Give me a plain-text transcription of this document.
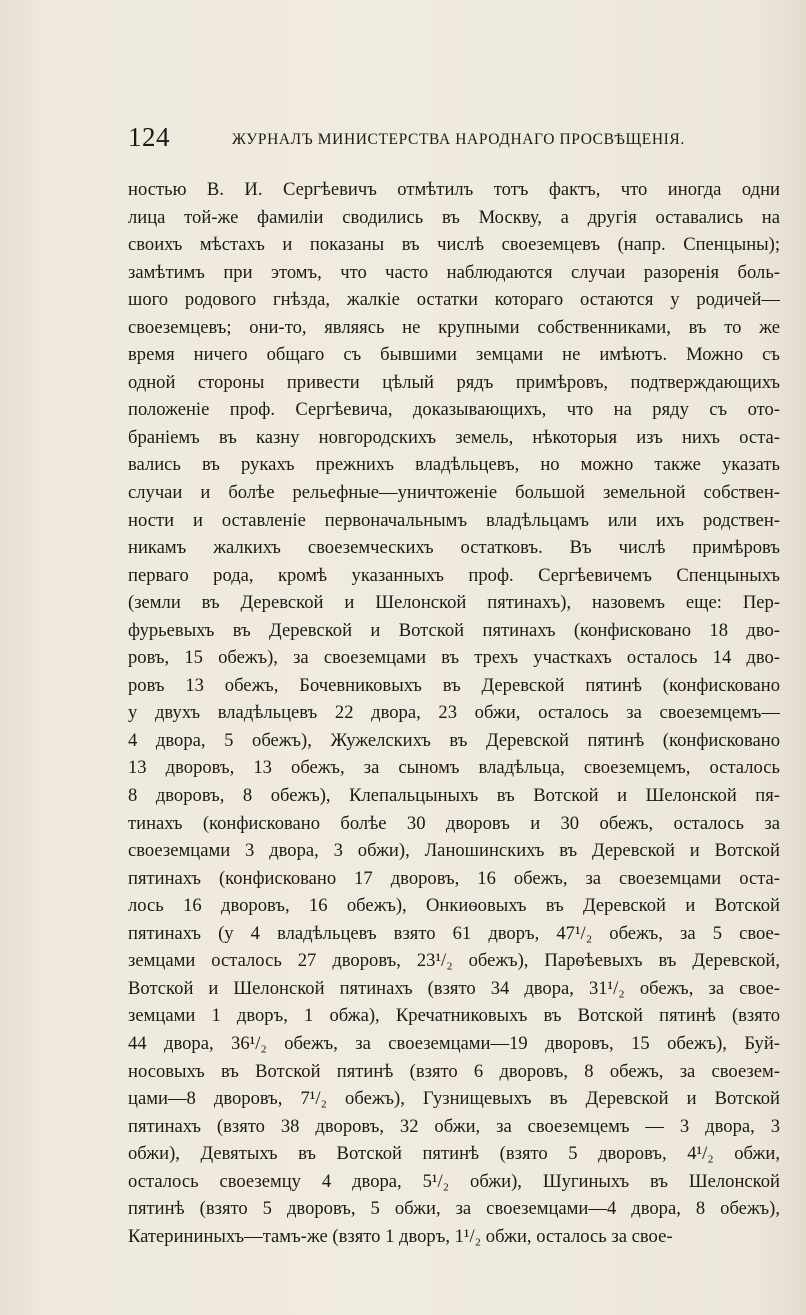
124	ЖУРНАЛЪ МИНИСТЕРСТВА НАРОДНАГО ПРОСВѢЩЕНІЯ.
ностью В. И. Сергѣевичъ отмѣтилъ тотъ фактъ, что иногда одни
лица той-же фамиліи сводились въ Москву, а другія оставались на
своихъ мѣстахъ и показаны въ числѣ своеземцевъ (напр. Спенцыны);
замѣтимъ при этомъ, что часто наблюдаются случаи разоренія боль-
шого родового гнѣзда, жалкіе остатки котораго остаются у родичей—
своеземцевъ; они-то, являясь не крупными собственниками, въ то же
время ничего общаго съ бывшими земцами не имѣютъ. Можно съ
одной стороны привести цѣлый рядъ примѣровъ, подтверждающихъ
положеніе проф. Сергѣевича, доказывающихъ, что на ряду съ ото-
браніемъ въ казну новгородскихъ земель, нѣкоторыя изъ нихъ оста-
вались въ рукахъ прежнихъ владѣльцевъ, но можно также указать
случаи и болѣе рельефные—уничтоженіе большой земельной собствен-
ности и оставленіе первоначальнымъ владѣльцамъ или ихъ родствен-
никамъ жалкихъ своеземческихъ остатковъ. Въ числѣ примѣровъ
перваго рода, кромѣ указанныхъ проф. Сергѣевичемъ Спенцыныхъ
(земли въ Деревской и Шелонской пятинахъ), назовемъ еще: Пер-
фурьевыхъ въ Деревской и Вотской пятинахъ (конфисковано 18 дво-
ровъ, 15 обежъ), за своеземцами въ трехъ участкахъ осталось 14 дво-
ровъ 13 обежъ, Бочевниковыхъ въ Деревской пятинѣ (конфисковано
у двухъ владѣльцевъ 22 двора, 23 обжи, осталось за своеземцемъ—
4 двора, 5 обежъ), Жужелскихъ въ Деревской пятинѣ (конфисковано
13 дворовъ, 13 обежъ, за сыномъ владѣльца, своеземцемъ, осталось
8 дворовъ, 8 обежъ), Клепальцыныхъ въ Вотской и Шелонской пя-
тинахъ (конфисковано болѣе 30 дворовъ и 30 обежъ, осталось за
своеземцами 3 двора, 3 обжи), Ланошинскихъ въ Деревской и Вотской
пятинахъ (конфисковано 17 дворовъ, 16 обежъ, за своеземцами оста-
лось 16 дворовъ, 16 обежъ), Онкиѳовыхъ въ Деревской и Вотской
пятинахъ (у 4 владѣльцевъ взято 61 дворъ, 47¹/₂ обежъ, за 5 свое-
земцами осталось 27 дворовъ, 23¹/₂ обежъ), Парѳѣевыхъ въ Деревской,
Вотской и Шелонской пятинахъ (взято 34 двора, 31¹/₂ обежъ, за свое-
земцами 1 дворъ, 1 обжа), Кречатниковыхъ въ Вотской пятинѣ (взято
44 двора, 36¹/₂ обежъ, за своеземцами—19 дворовъ, 15 обежъ), Буй-
носовыхъ въ Вотской пятинѣ (взято 6 дворовъ, 8 обежъ, за своезем-
цами—8 дворовъ, 7¹/₂ обежъ), Гузнищевыхъ въ Деревской и Вотской
пятинахъ (взято 38 дворовъ, 32 обжи, за своеземцемъ — 3 двора, 3
обжи), Девятыхъ въ Вотской пятинѣ (взято 5 дворовъ, 4¹/₂ обжи,
осталось своеземцу 4 двора, 5¹/₂ обжи), Шугиныхъ въ Шелонской
пятинѣ (взято 5 дворовъ, 5 обжи, за своеземцами—4 двора, 8 обежъ),
Катерининыхъ—тамъ-же (взято 1 дворъ, 1¹/₂ обжи, осталось за свое-
